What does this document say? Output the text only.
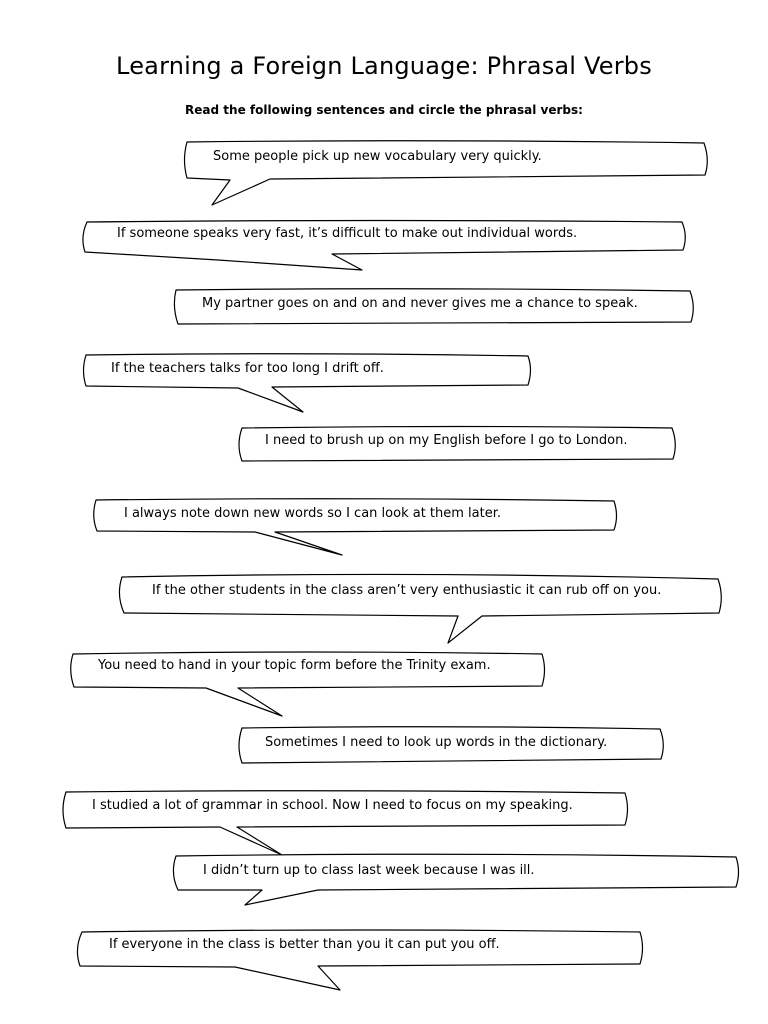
Learning a Foreign Language: Phrasal Verbs
Read the following sentences and circle the phrasal verbs:
Some people pick up new vocabulary very quickly.
If someone speaks very fast, it’s difficult to make out individual words.
My partner goes on and on and never gives me a chance to speak.
If the teachers talks for too long I drift off.
I need to brush up on my English before I go to London.
I always note down new words so I can look at them later.
If the other students in the class aren’t very enthusiastic it can rub off on you.
You need to hand in your topic form before the Trinity exam.
Sometimes I need to look up words in the dictionary.
I studied a lot of grammar in school. Now I need to focus on my speaking.
I didn’t turn up to class last week because I was ill.
If everyone in the class is better than you it can put you off.
